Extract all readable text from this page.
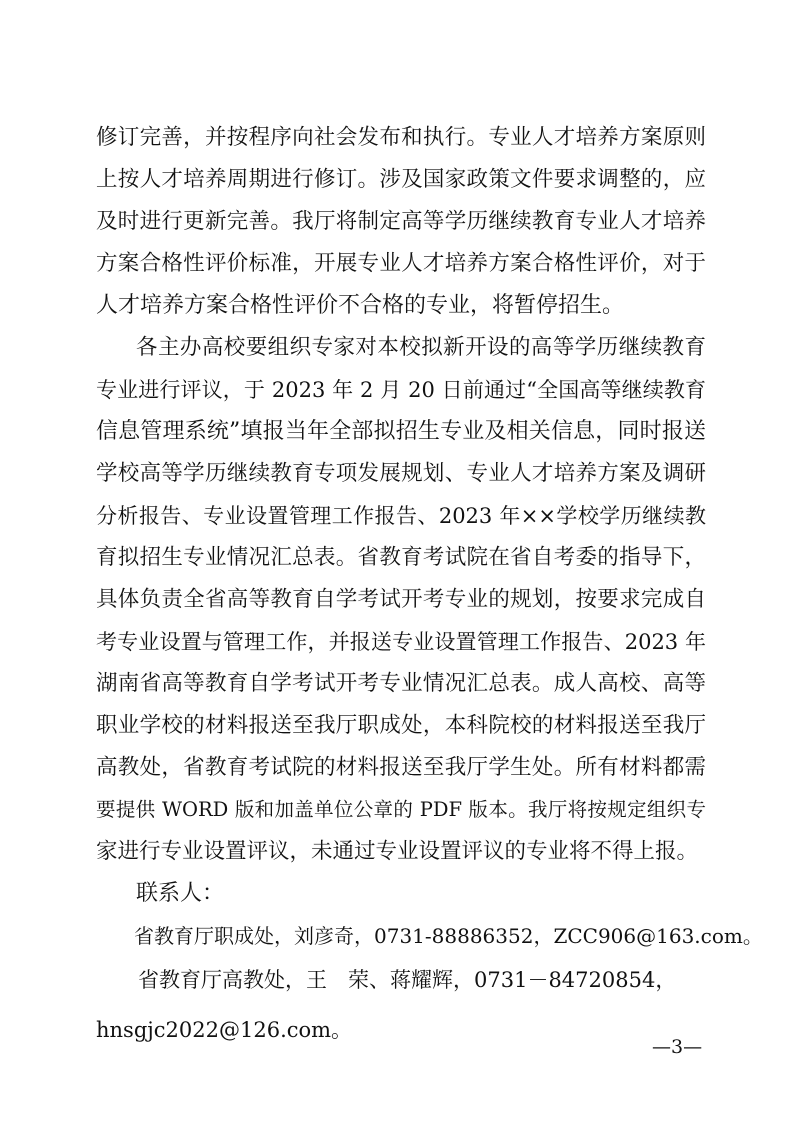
修订完善，并按程序向社会发布和执行。专业人才培养方案原则
上按人才培养周期进行修订。涉及国家政策文件要求调整的，应
及时进行更新完善。我厅将制定高等学历继续教育专业人才培养
方案合格性评价标准，开展专业人才培养方案合格性评价，对于
人才培养方案合格性评价不合格的专业，将暂停招生。
各主办高校要组织专家对本校拟新开设的高等学历继续教育
专业进行评议，于 2023 年 2 月 20 日前通过“全国高等继续教育
信息管理系统”填报当年全部拟招生专业及相关信息，同时报送
学校高等学历继续教育专项发展规划、专业人才培养方案及调研
分析报告、专业设置管理工作报告、2023 年××学校学历继续教
育拟招生专业情况汇总表。省教育考试院在省自考委的指导下，
具体负责全省高等教育自学考试开考专业的规划，按要求完成自
考专业设置与管理工作，并报送专业设置管理工作报告、2023 年
湖南省高等教育自学考试开考专业情况汇总表。成人高校、高等
职业学校的材料报送至我厅职成处，本科院校的材料报送至我厅
高教处，省教育考试院的材料报送至我厅学生处。所有材料都需
要提供 WORD 版和加盖单位公章的 PDF 版本。我厅将按规定组织专
家进行专业设置评议，未通过专业设置评议的专业将不得上报。
联系人：
省教育厅职成处，刘彦奇，0731-88886352，ZCC906@163.com。
省教育厅高教处，王　荣、蒋耀辉，0731－84720854，
hnsgjc2022@126.com。
—3—
